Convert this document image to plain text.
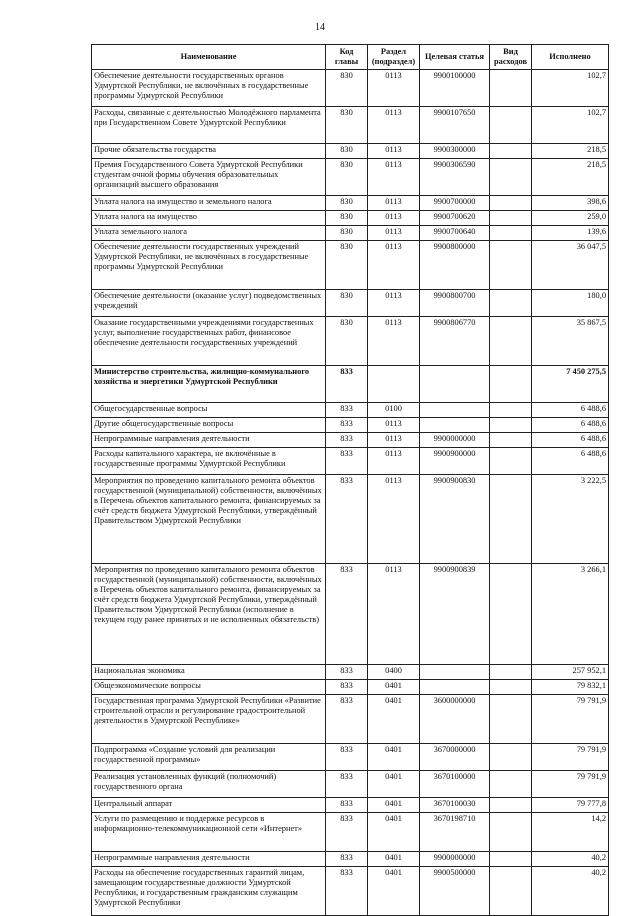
14
Наименование	Код главы	Раздел (подраздел)	Целевая статья	Вид расходов	Исполнено
Обеспечение деятельности государственных органов Удмуртской Республики, не включённых в государственные программы Удмуртской Республики	830	0113	9900100000		102,7
Расходы, связанные с деятельностью Молодёжного парламента при Государственном Совете Удмуртской Республики	830	0113	9900107650		102,7
Прочие обязательства государства	830	0113	9900300000		218,5
Премия Государственного Совета Удмуртской Республики студентам очной формы обучения образовательных организаций высшего образования	830	0113	9900306590		218,5
Уплата налога на имущество и земельного налога	830	0113	9900700000		398,6
Уплата налога на имущество	830	0113	9900700620		259,0
Уплата земельного налога	830	0113	9900700640		139,6
Обеспечение деятельности государственных учреждений Удмуртской Республики, не включённых в государственные программы Удмуртской Республики	830	0113	9900800000		36 047,5
Обеспечение деятельности (оказание услуг) подведомственных учреждений	830	0113	9900800700		180,0
Оказание государственными учреждениями государственных услуг, выполнение государственных работ, финансовое обеспечение деятельности государственных учреждений	830	0113	9900806770		35 867,5
Министерство строительства, жилищно-коммунального хозяйства и энергетики Удмуртской Республики	833				7 450 275,5
Общегосударственные вопросы	833	0100			6 488,6
Другие общегосударственные вопросы	833	0113			6 488,6
Непрограммные направления деятельности	833	0113	9900000000		6 488,6
Расходы капитального характера, не включённые в государственные программы Удмуртской Республики	833	0113	9900900000		6 488,6
Мероприятия по проведению капитального ремонта объектов государственной (муниципальной) собственности, включённых в Перечень объектов капитального ремонта, финансируемых за счёт средств бюджета Удмуртской Республики, утверждённый Правительством Удмуртской Республики	833	0113	9900900830		3 222,5
Мероприятия по проведению капитального ремонта объектов государственной (муниципальной) собственности, включённых в Перечень объектов капитального ремонта, финансируемых за счёт средств бюджета Удмуртской Республики, утверждённый Правительством Удмуртской Республики (исполнение в текущем году ранее принятых и не исполненных обязательств)	833	0113	9900900839		3 266,1
Национальная экономика	833	0400			257 952,1
Общеэкономические вопросы	833	0401			79 832,1
Государственная программа Удмуртской Республики «Развитие строительной отрасли и регулирование градостроительной деятельности в Удмуртской Республике»	833	0401	3600000000		79 791,9
Подпрограмма «Создание условий для реализации государственной программы»	833	0401	3670000000		79 791,9
Реализация установленных функций (полномочий) государственного органа	833	0401	3670100000		79 791,9
Центральный аппарат	833	0401	3670100030		79 777,8
Услуги по размещению и поддержке ресурсов в информационно-телекоммуникационной сети «Интернет»	833	0401	3670198710		14,2
Непрограммные направления деятельности	833	0401	9900000000		40,2
Расходы на обеспечение государственных гарантий лицам, замещающим государственные должности Удмуртской Республики, и государственным гражданским служащим Удмуртской Республики	833	0401	9900500000		40,2
